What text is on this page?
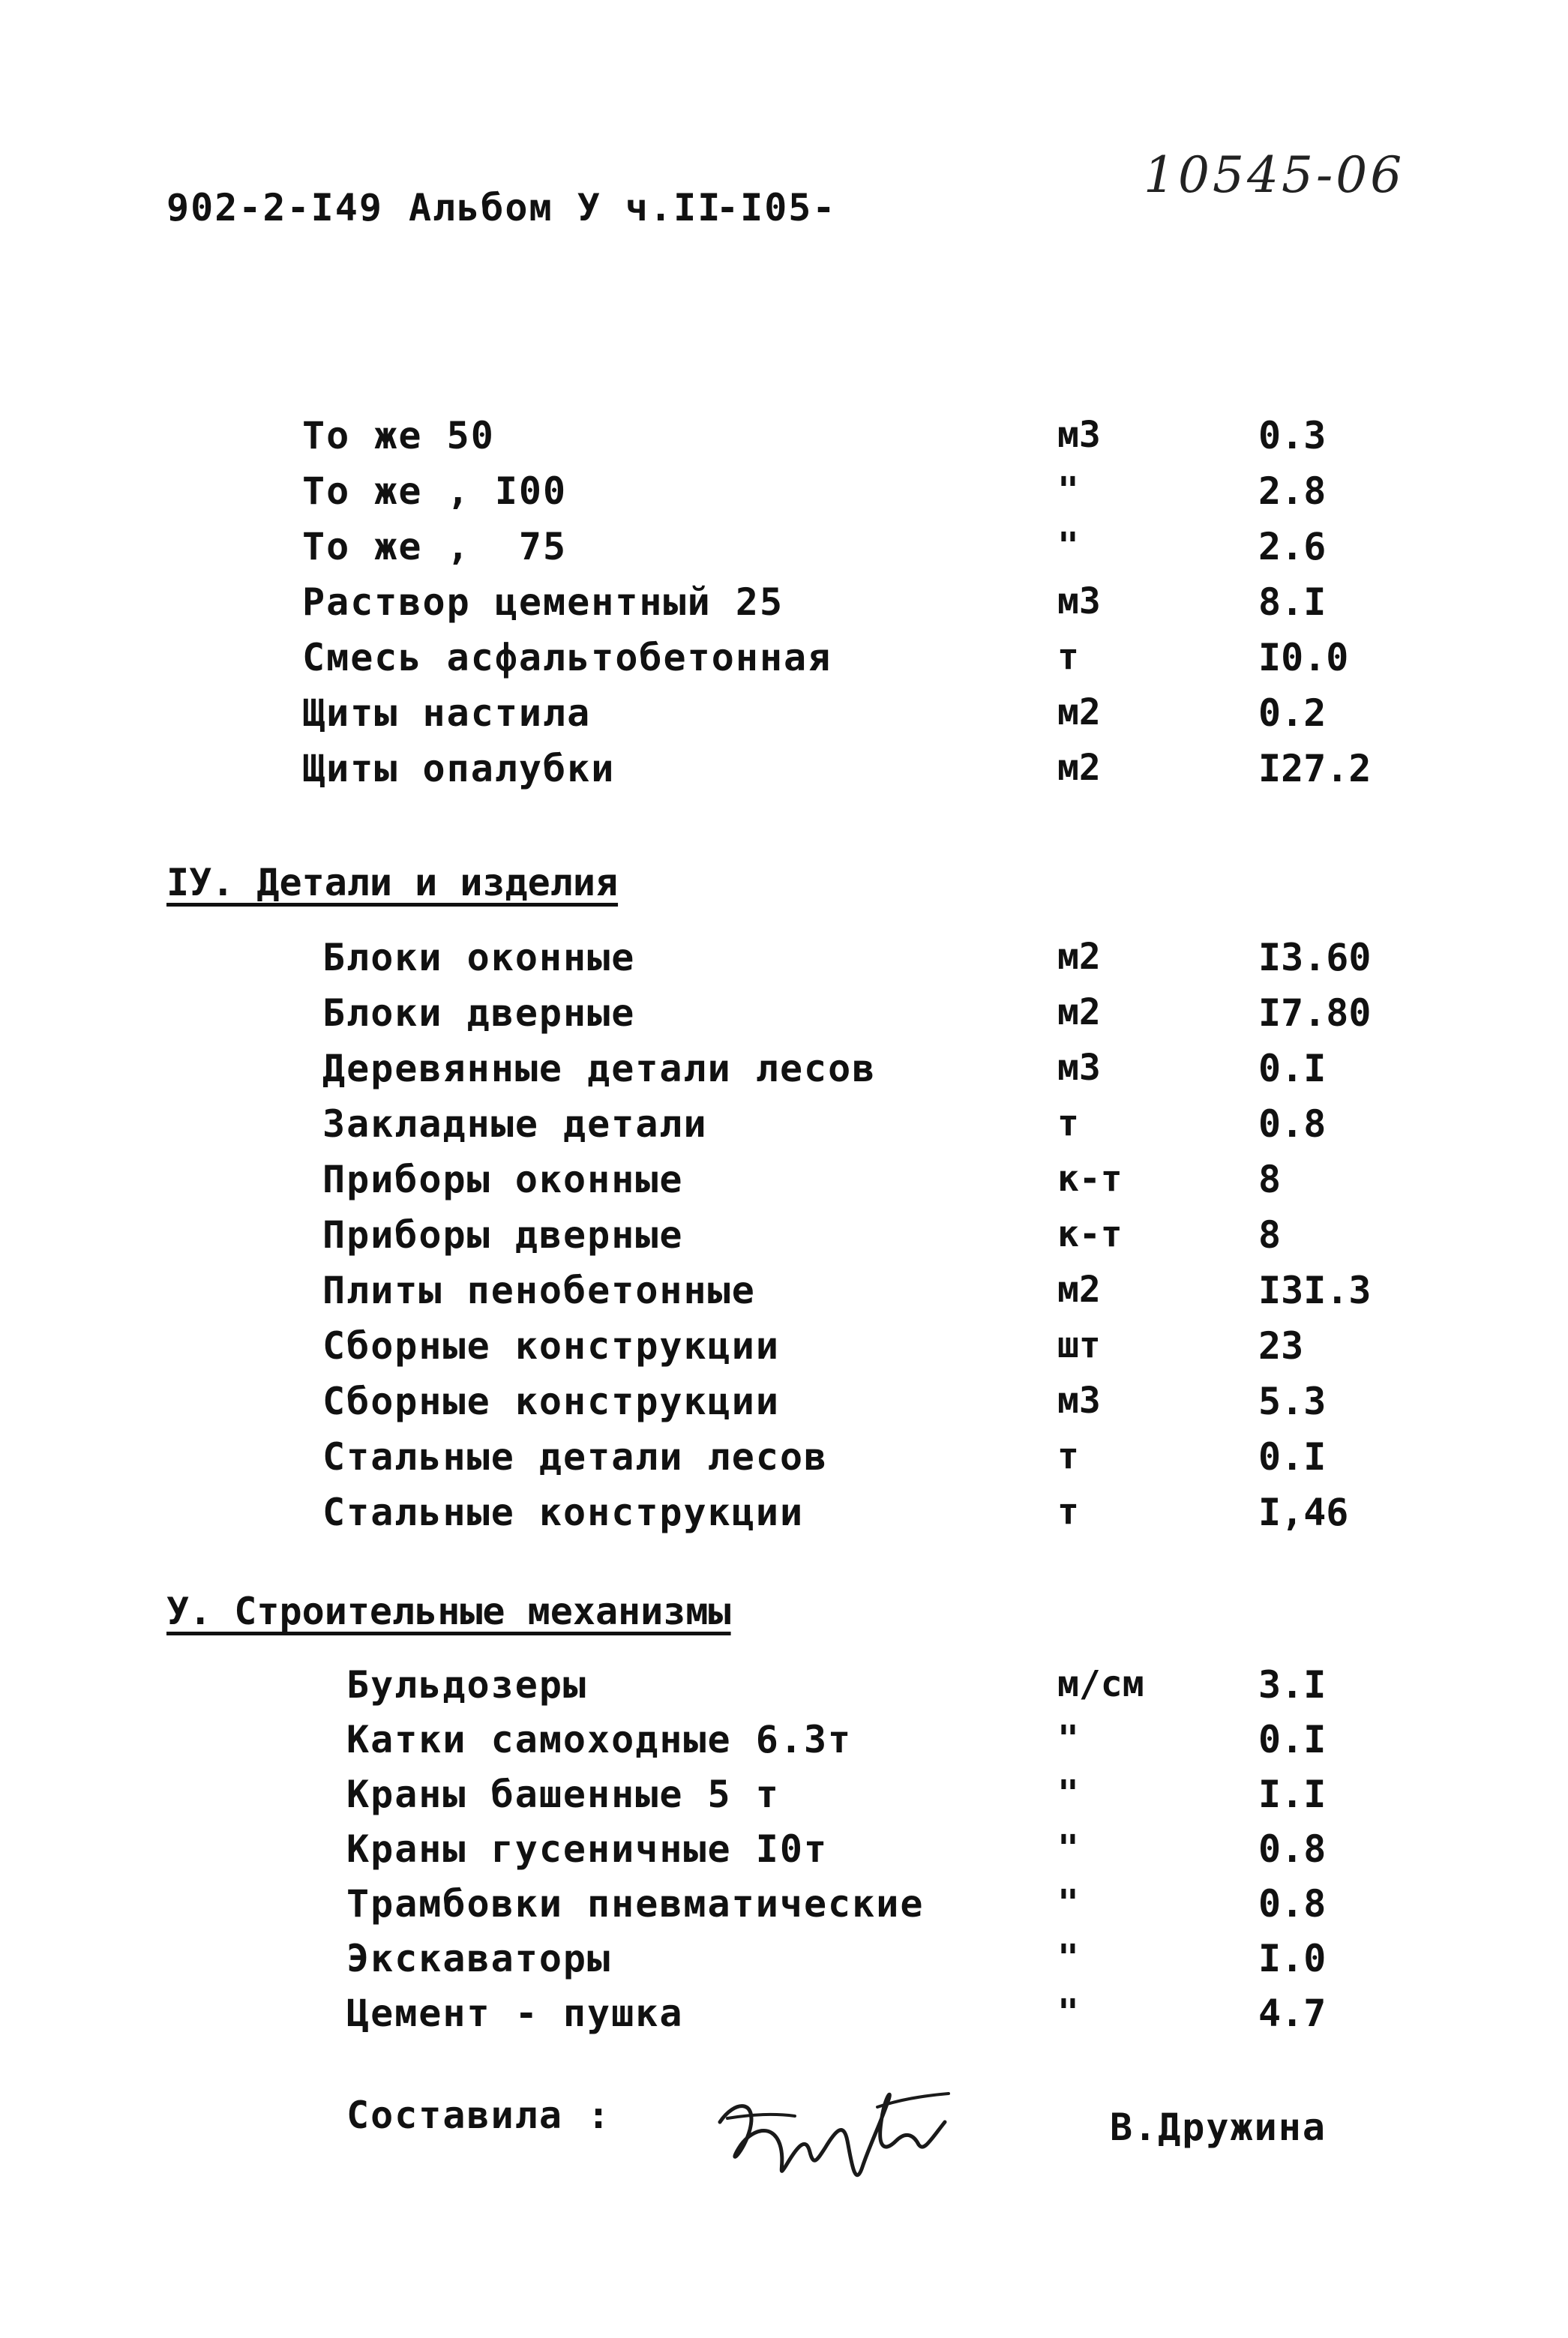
902-2-I49 Альбом У ч.II
-I05-
10545-06
То же 50	м3	0.3
То же , I00	"	2.8
То же ,  75	"	2.6
Раствор цементный 25	м3	8.I
Смесь асфальтобетонная	т	I0.0
Щиты настила	м2	0.2
Щиты опалубки	м2	I27.2
IУ. Детали и изделия
Блоки оконные	м2	I3.60
Блоки дверные	м2	I7.80
Деревянные детали лесов	м3	0.I
Закладные детали	т	0.8
Приборы оконные	к-т	8
Приборы дверные	к-т	8
Плиты пенобетонные	м2	I3I.3
Сборные конструкции	шт	23
Сборные конструкции	м3	5.3
Стальные детали лесов	т	0.I
Стальные конструкции	т	I,46
У. Строительные механизмы
Бульдозеры	м/см	3.I
Катки самоходные 6.3т	"	0.I
Краны башенные 5 т	"	I.I
Краны гусеничные I0т	"	0.8
Трамбовки пневматические	"	0.8
Экскаваторы	"	I.0
Цемент - пушка	"	4.7
Составила :	В.Дружина
